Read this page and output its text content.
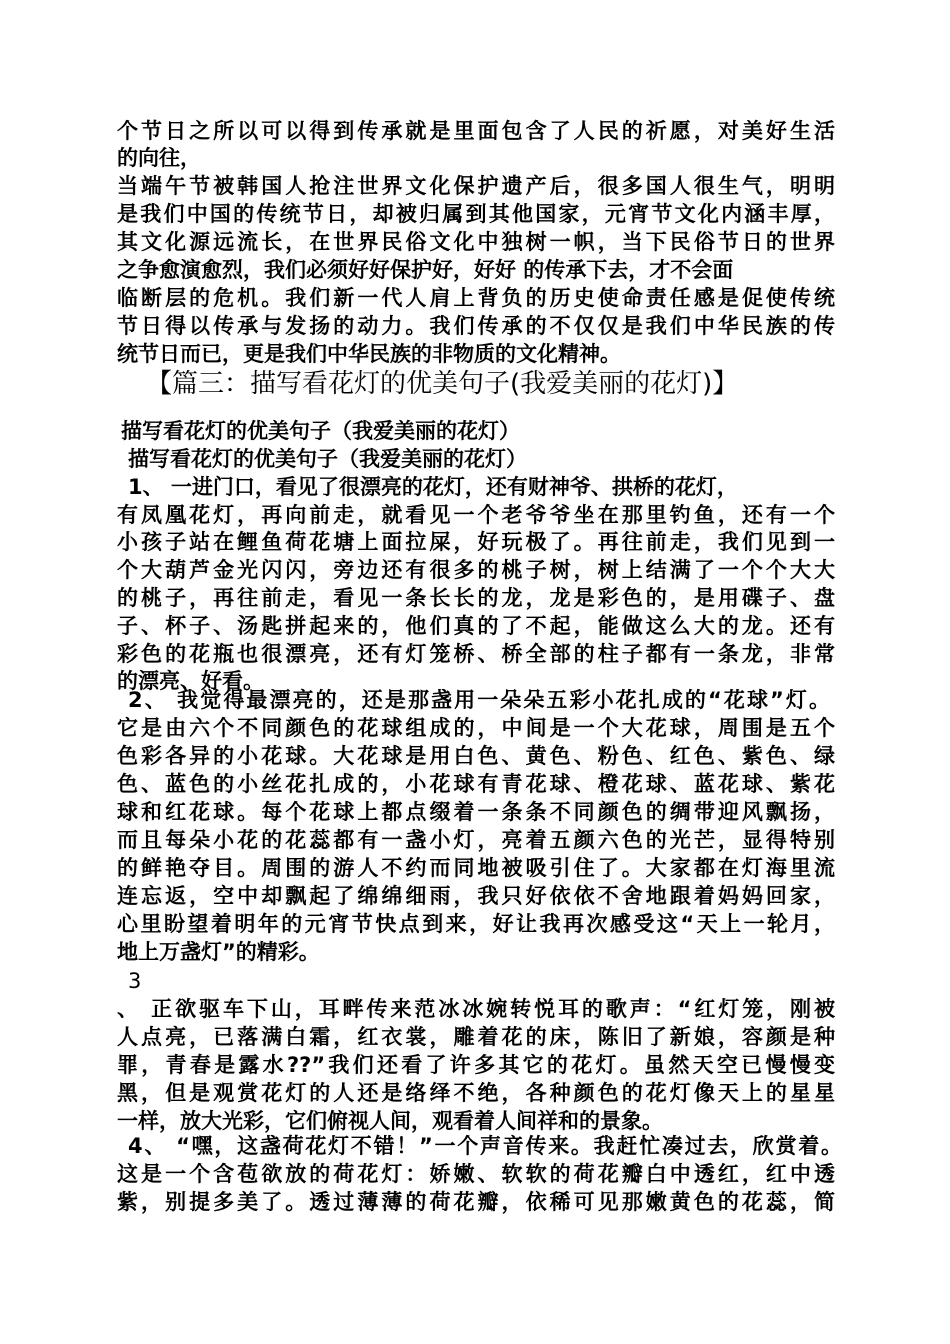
个节日之所以可以得到传承就是里面包含了人民的祈愿，对美好生活
的向往，
当端午节被韩国人抢注世界文化保护遗产后，很多国人很生气，明明
是我们中国的传统节日，却被归属到其他国家，元宵节文化内涵丰厚，
其文化源远流长，在世界民俗文化中独树一帜，当下民俗节日的世界
之争愈演愈烈，我们必须好好保护好，好好 的传承下去，才不会面
临断层的危机。我们新一代人肩上背负的历史使命责任感是促使传统
节日得以传承与发扬的动力。我们传承的不仅仅是我们中华民族的传
统节日而已，更是我们中华民族的非物质的文化精神。
【篇三：描写看花灯的优美句子(我爱美丽的花灯)】
描写看花灯的优美句子（我爱美丽的花灯）
描写看花灯的优美句子（我爱美丽的花灯）
1、 一进门口，看见了很漂亮的花灯，还有财神爷、拱桥的花灯，
有凤凰花灯，再向前走，就看见一个老爷爷坐在那里钓鱼，还有一个
小孩子站在鲤鱼荷花塘上面拉屎，好玩极了。再往前走，我们见到一
个大葫芦金光闪闪，旁边还有很多的桃子树，树上结满了一个个大大
的桃子，再往前走，看见一条长长的龙，龙是彩色的，是用碟子、盘
子、杯子、汤匙拼起来的，他们真的了不起，能做这么大的龙。还有
彩色的花瓶也很漂亮，还有灯笼桥、桥全部的柱子都有一条龙，非常
的漂亮、好看。
2、 我觉得最漂亮的，还是那盏用一朵朵五彩小花扎成的“花球”灯。
它是由六个不同颜色的花球组成的，中间是一个大花球，周围是五个
色彩各异的小花球。大花球是用白色、黄色、粉色、红色、紫色、绿
色、蓝色的小丝花扎成的，小花球有青花球、橙花球、蓝花球、紫花
球和红花球。每个花球上都点缀着一条条不同颜色的绸带迎风飘扬，
而且每朵小花的花蕊都有一盏小灯，亮着五颜六色的光芒，显得特别
的鲜艳夺目。周围的游人不约而同地被吸引住了。大家都在灯海里流
连忘返，空中却飘起了绵绵细雨，我只好依依不舍地跟着妈妈回家，
心里盼望着明年的元宵节快点到来，好让我再次感受这“天上一轮月，
地上万盏灯”的精彩。
3
、 正欲驱车下山，耳畔传来范冰冰婉转悦耳的歌声：“红灯笼，刚被
人点亮，已落满白霜，红衣裳，雕着花的床，陈旧了新娘，容颜是种
罪，青春是露水??”我们还看了许多其它的花灯。虽然天空已慢慢变
黑，但是观赏花灯的人还是络绎不绝，各种颜色的花灯像天上的星星
一样，放大光彩，它们俯视人间，观看着人间祥和的景象。
4、 “嘿，这盏荷花灯不错！”一个声音传来。我赶忙凑过去，欣赏着。
这是一个含苞欲放的荷花灯：娇嫩、软软的荷花瓣白中透红，红中透
紫，别提多美了。透过薄薄的荷花瓣，依稀可见那嫩黄色的花蕊，简
